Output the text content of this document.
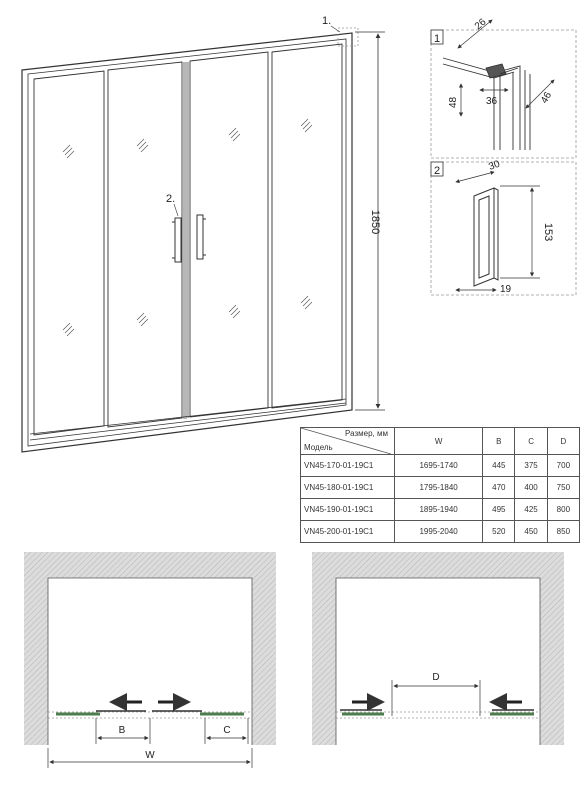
1.
2.
1850
1
26
36
48	46
2	30
153
19
B	C
W
D
Размер, мм
Модель	W	B	C	D
VN45-170-01-19C1	1695-1740	445	375	700
VN45-180-01-19C1	1795-1840	470	400	750
VN45-190-01-19C1	1895-1940	495	425	800
VN45-200-01-19C1	1995-2040	520	450	850
